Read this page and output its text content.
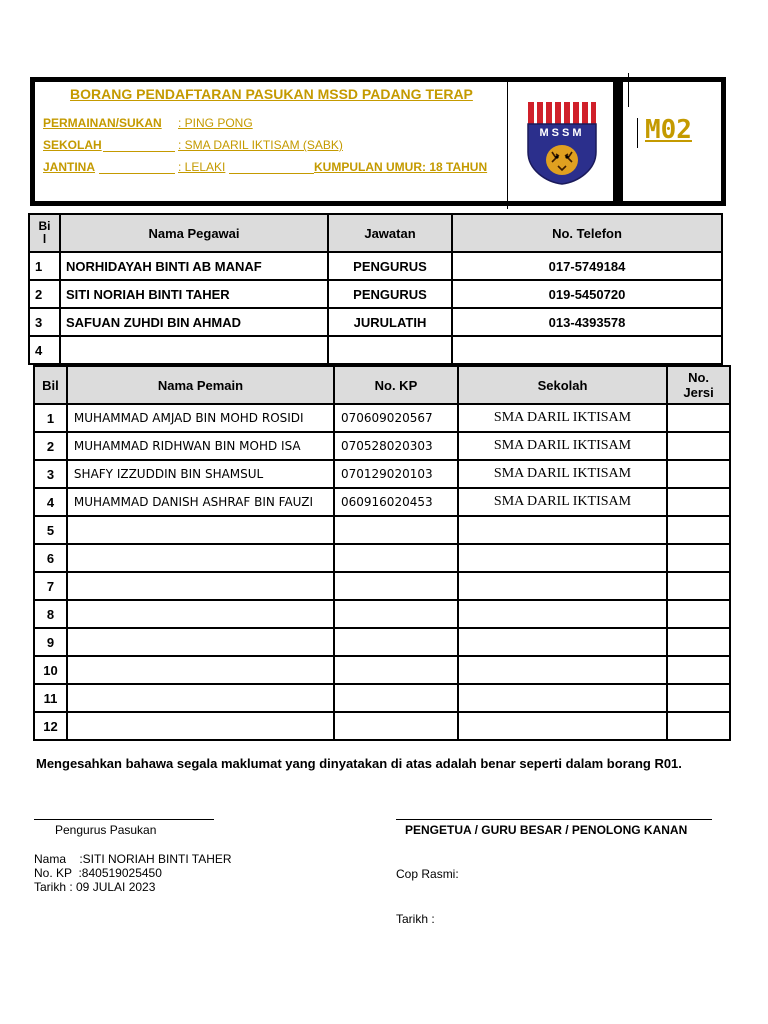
BORANG PENDAFTARAN PASUKAN MSSD PADANG TERAP
PERMAINAN/SUKAN : PING PONG
SEKOLAH	: SMA DARIL IKTISAM (SABK)
JANTINA	: LELAKI	KUMPULAN UMUR: 18 TAHUN
MSSM M02
Bi
l	Nama Pegawai	Jawatan	No. Telefon
1	NORHIDAYAH BINTI AB MANAF	PENGURUS	017-5749184
2	SITI NORIAH BINTI TAHER	PENGURUS	019-5450720
3	SAFUAN ZUHDI BIN AHMAD	JURULATIH	013-4393578
4			
Bil	Nama Pemain	No. KP	Sekolah	No.
Jersi
1	MUHAMMAD AMJAD BIN MOHD ROSIDI	070609020567	SMA DARIL IKTISAM	
2	MUHAMMAD RIDHWAN BIN MOHD ISA	070528020303	SMA DARIL IKTISAM	
3	SHAFY IZZUDDIN BIN SHAMSUL	070129020103	SMA DARIL IKTISAM	
4	MUHAMMAD DANISH ASHRAF BIN FAUZI	060916020453	SMA DARIL IKTISAM	
5				
6				
7				
8				
9				
10				
11				
12				
Mengesahkan bahawa segala maklumat yang dinyatakan di atas adalah benar seperti dalam borang R01.
Pengurus Pasukan	PENGETUA / GURU BESAR / PENOLONG KANAN
Nama    :SITI NORIAH BINTI TAHER
No. KP  :840519025450
Tarikh : 09 JULAI 2023
Cop Rasmi:
Tarikh :
